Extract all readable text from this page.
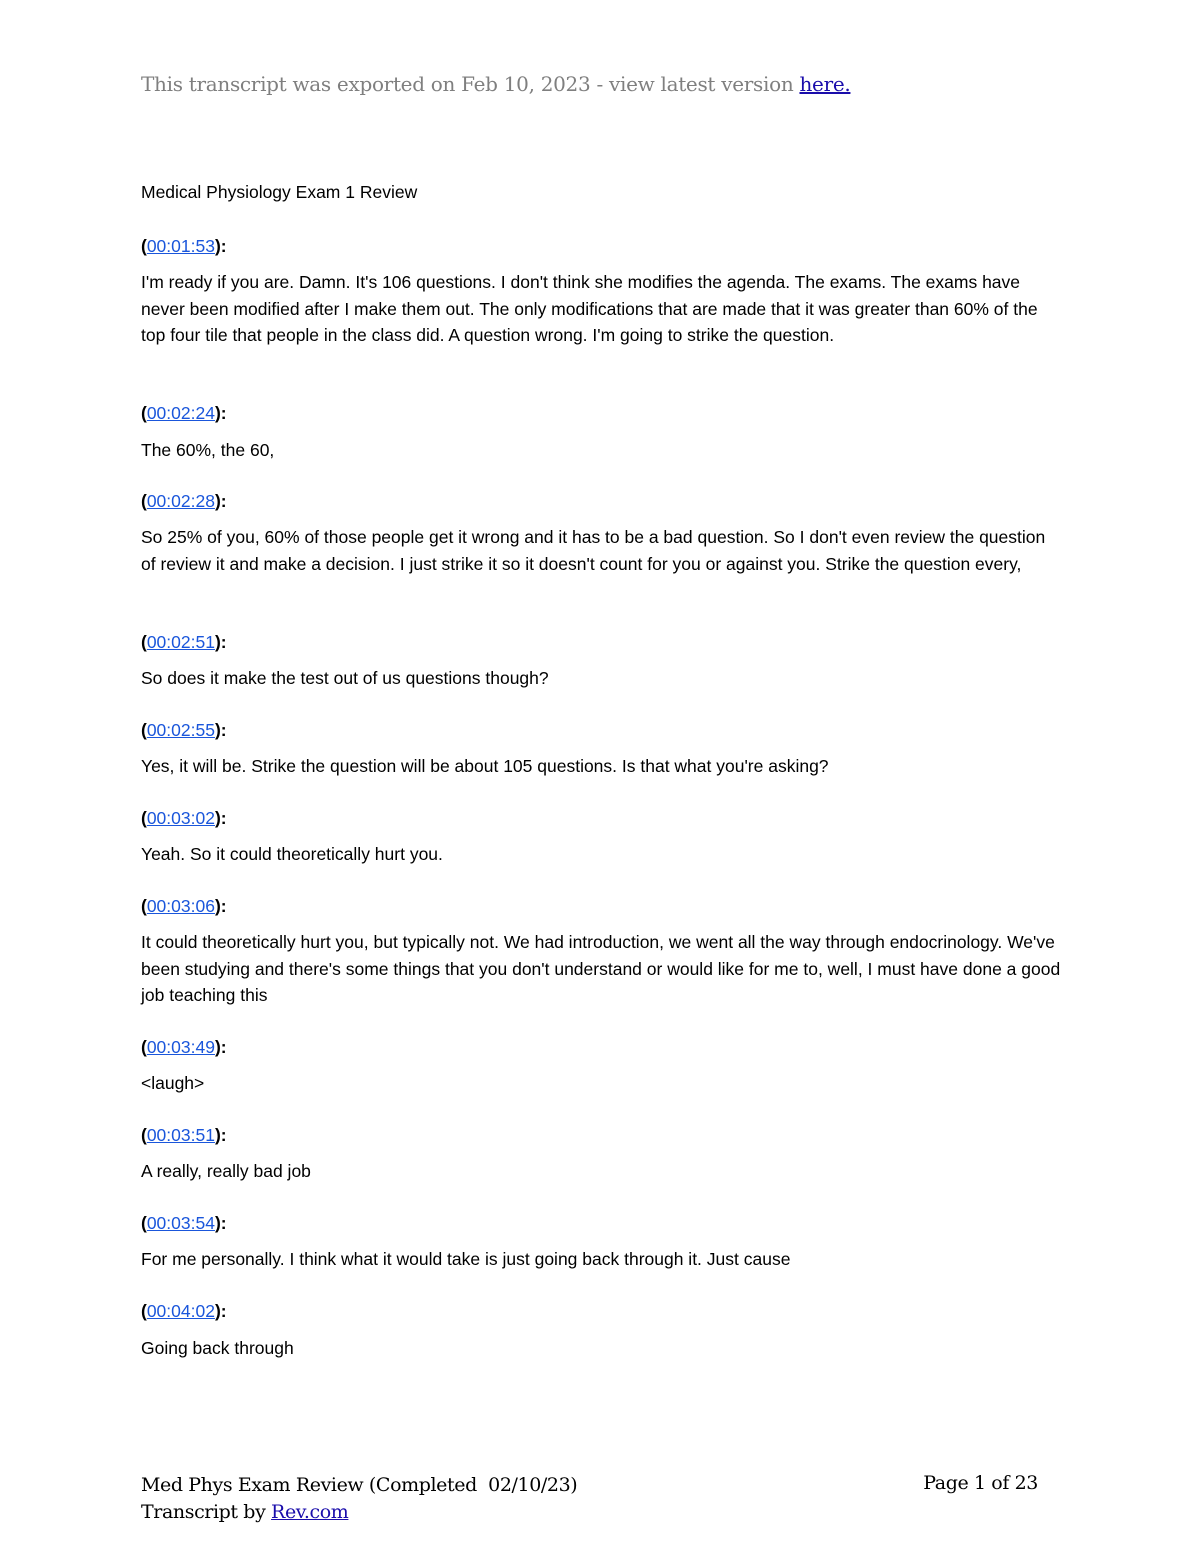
This transcript was exported on Feb 10, 2023 - view latest version here.
Medical Physiology Exam 1 Review
(00:01:53):
I'm ready if you are. Damn. It's 106 questions. I don't think she modifies the agenda. The exams. The exams have never been modified after I make them out. The only modifications that are made that it was greater than 60% of the top four tile that people in the class did. A question wrong. I'm going to strike the question.
(00:02:24):
The 60%, the 60,
(00:02:28):
So 25% of you, 60% of those people get it wrong and it has to be a bad question. So I don't even review the question of review it and make a decision. I just strike it so it doesn't count for you or against you. Strike the question every,
(00:02:51):
So does it make the test out of us questions though?
(00:02:55):
Yes, it will be. Strike the question will be about 105 questions. Is that what you're asking?
(00:03:02):
Yeah. So it could theoretically hurt you.
(00:03:06):
It could theoretically hurt you, but typically not. We had introduction, we went all the way through endocrinology. We've been studying and there's some things that you don't understand or would like for me to, well, I must have done a good job teaching this
(00:03:49):
<laugh>
(00:03:51):
A really, really bad job
(00:03:54):
For me personally. I think what it would take is just going back through it. Just cause
(00:04:02):
Going back through
Med Phys Exam Review (Completed  02/10/23)
Transcript by Rev.com
Page 1 of 23
